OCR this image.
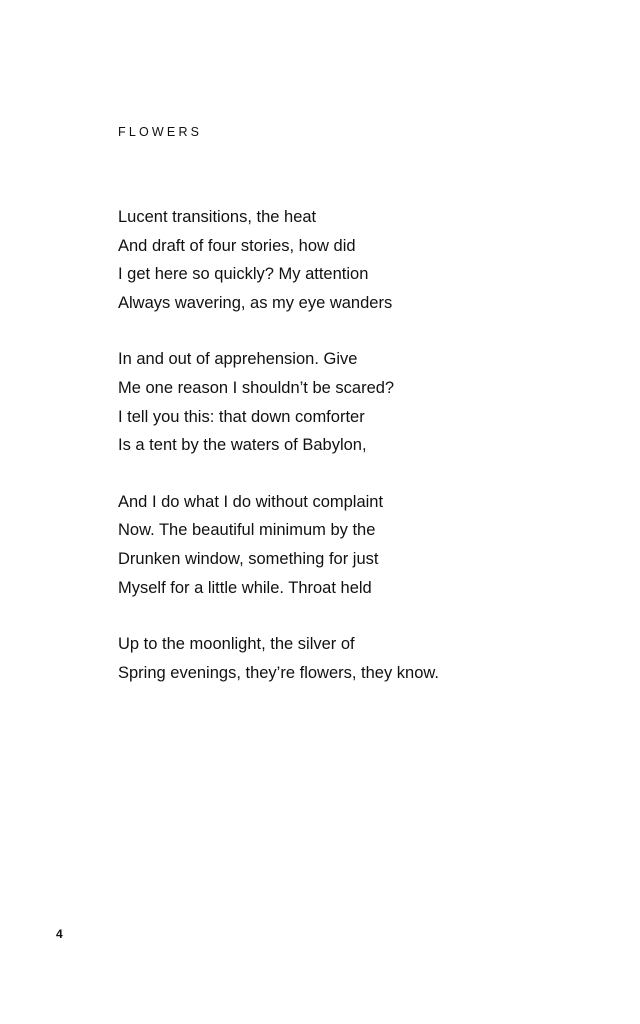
FLOWERS
Lucent transitions, the heat
And draft of four stories, how did
I get here so quickly? My attention
Always wavering, as my eye wanders
In and out of apprehension. Give
Me one reason I shouldn’t be scared?
I tell you this: that down comforter
Is a tent by the waters of Babylon,
And I do what I do without complaint
Now. The beautiful minimum by the
Drunken window, something for just
Myself for a little while. Throat held
Up to the moonlight, the silver of
Spring evenings, they’re flowers, they know.
4
